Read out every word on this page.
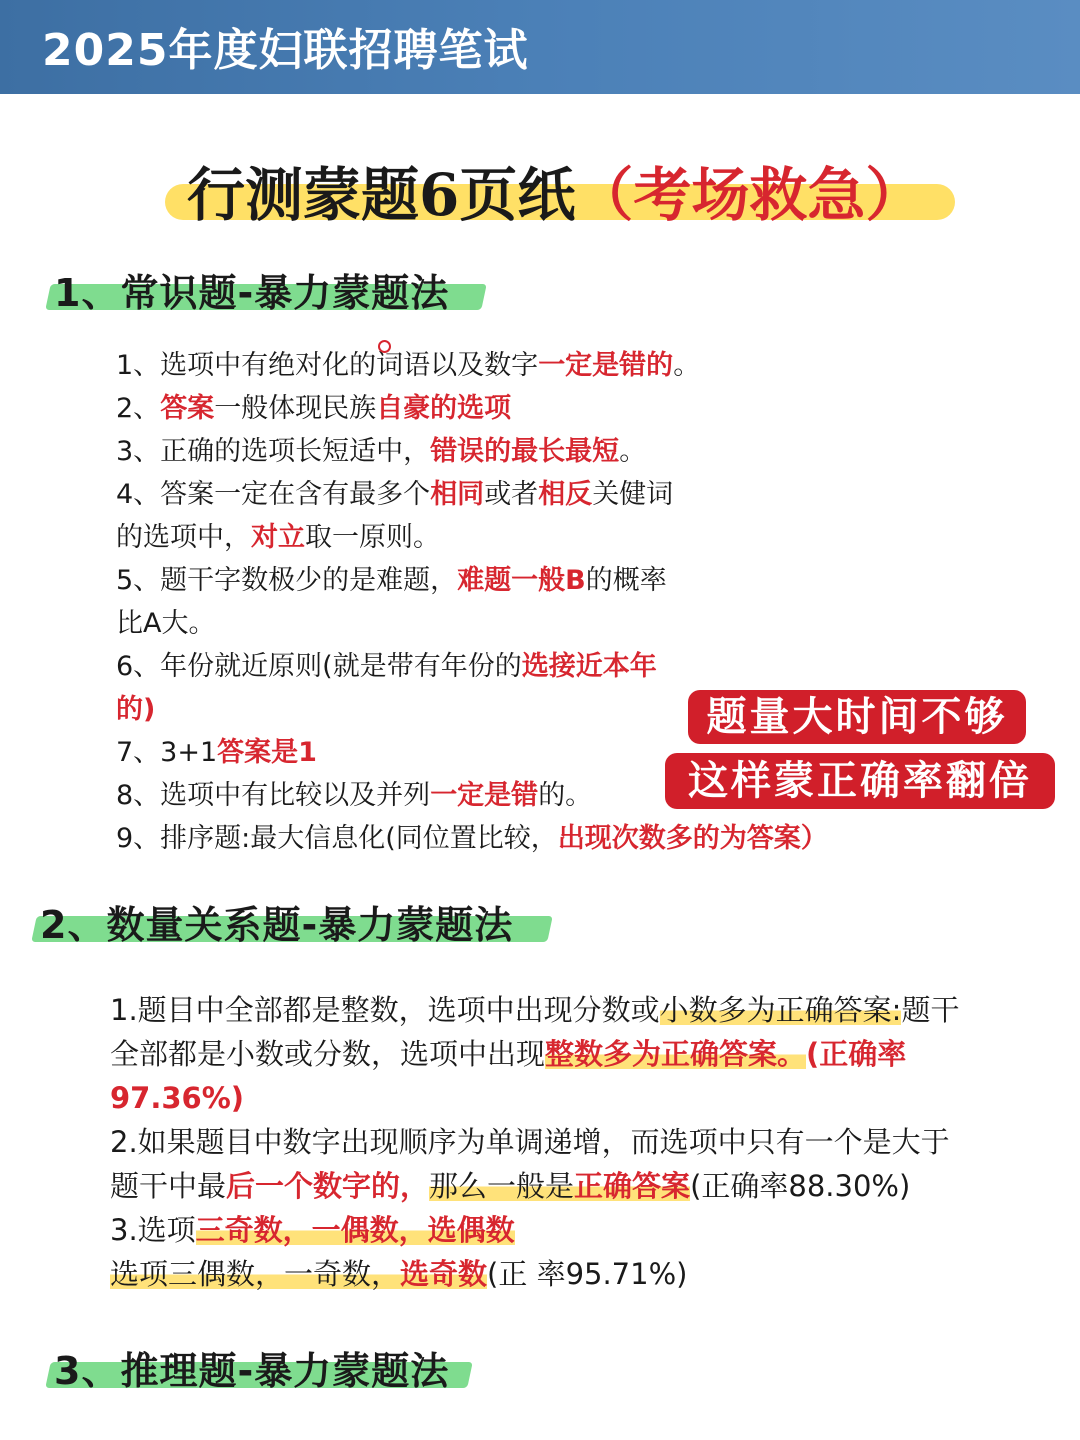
2025年度妇联招聘笔试
行测蒙题6页纸（考场救急）
1、常识题-暴力蒙题法
1、选项中有绝对化的词语以及数字一定是错的。
2、答案一般体现民族自豪的选项
3、正确的选项长短适中，错误的最长最短。
4、答案一定在含有最多个相同或者相反关健词
的选项中，对立取一原则。
5、题干字数极少的是难题，难题一般B的概率
比A大。
6、年份就近原则(就是带有年份的选接近本年
的)
7、3+1答案是1
8、选项中有比较以及并列一定是错的。
9、排序题:最大信息化(同位置比较，出现次数多的为答案）
题量大时间不够
这样蒙正确率翻倍
2、数量关系题-暴力蒙题法
1.题目中全部都是整数，选项中出现分数或小数多为正确答案:题干
全部都是小数或分数，选项中出现整数多为正确答案。(正确率
97.36%)
2.如果题目中数字出现顺序为单调递增，而选项中只有一个是大于
题干中最后一个数字的，那么一般是正确答案(正确率88.30%)
3.选项三奇数，一偶数，选偶数
选项三偶数，一奇数，选奇数(正 率95.71%)
3、推理题-暴力蒙题法
